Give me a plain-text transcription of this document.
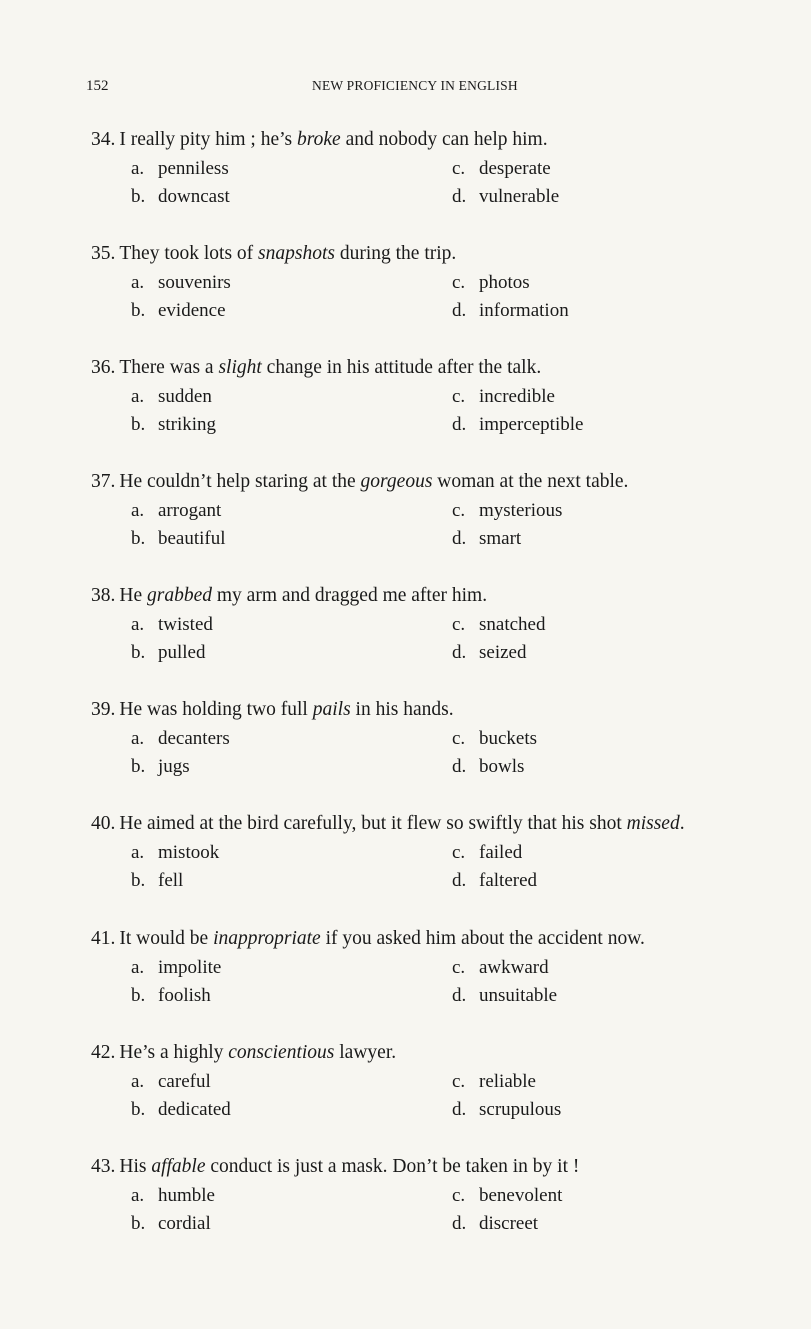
152	NEW PROFICIENCY IN ENGLISH
34. I really pity him ; he’s broke and nobody can help him.
a. penniless
b. downcast
c. desperate
d. vulnerable
35. They took lots of snapshots during the trip.
a. souvenirs
b. evidence
c. photos
d. information
36. There was a slight change in his attitude after the talk.
a. sudden
b. striking
c. incredible
d. imperceptible
37. He couldn’t help staring at the gorgeous woman at the next table.
a. arrogant
b. beautiful
c. mysterious
d. smart
38. He grabbed my arm and dragged me after him.
a. twisted
b. pulled
c. snatched
d. seized
39. He was holding two full pails in his hands.
a. decanters
b. jugs
c. buckets
d. bowls
40. He aimed at the bird carefully, but it flew so swiftly that his shot missed.
a. mistook
b. fell
c. failed
d. faltered
41. It would be inappropriate if you asked him about the accident now.
a. impolite
b. foolish
c. awkward
d. unsuitable
42. He’s a highly conscientious lawyer.
a. careful
b. dedicated
c. reliable
d. scrupulous
43. His affable conduct is just a mask. Don’t be taken in by it !
a. humble
b. cordial
c. benevolent
d. discreet
